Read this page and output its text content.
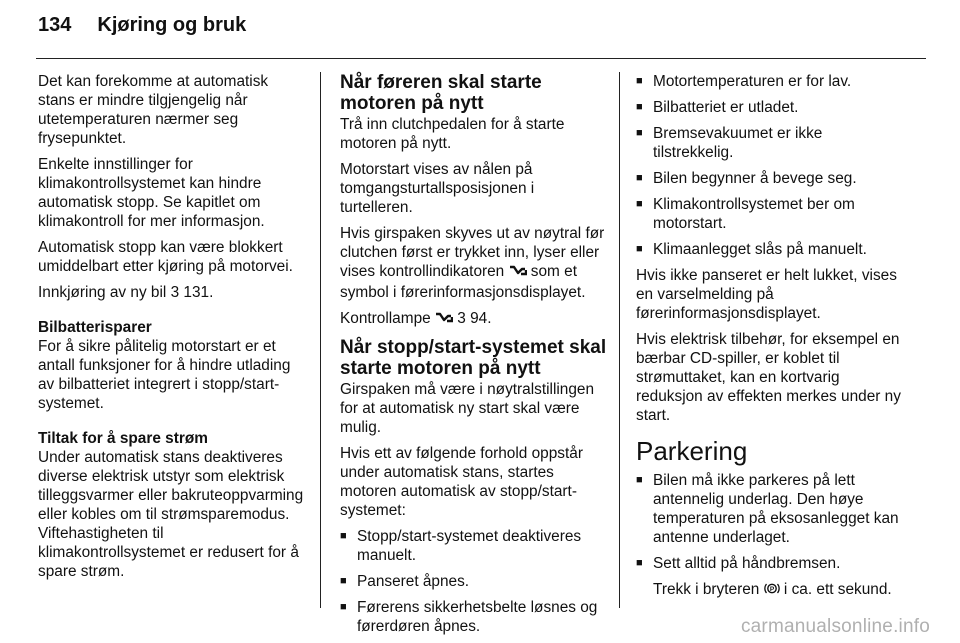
134 Kjøring og bruk

Det kan forekomme at automatisk stans er mindre tilgjengelig når utetemperaturen nærmer seg frysepunktet.

Enkelte innstillinger for klimakontrollsystemet kan hindre automatisk stopp. Se kapitlet om klimakontroll for mer informasjon.

Automatisk stopp kan være blokkert umiddelbart etter kjøring på motorvei.

Innkjøring av ny bil 3 131.

Bilbatterisparer

For å sikre pålitelig motorstart er et antall funksjoner for å hindre utlading av bilbatteriet integrert i stopp/start-systemet.

Tiltak for å spare strøm

Under automatisk stans deaktiveres diverse elektrisk utstyr som elektrisk tilleggsvarmer eller bakruteoppvarming eller kobles om til strømsparemodus. Viftehastigheten til klimakontrollsystemet er redusert for å spare strøm.

Når føreren skal starte motoren på nytt

Trå inn clutchpedalen for å starte motoren på nytt.

Motorstart vises av nålen på tomgangsturtallsposisjonen i turtelleren.

Hvis girspaken skyves ut av nøytral før clutchen først er trykket inn, lyser eller vises kontrollindikatoren  som et symbol i førerinformasjonsdisplayet.

Kontrollampe  3 94.

Når stopp/start-systemet skal starte motoren på nytt

Girspaken må være i nøytralstillingen for at automatisk ny start skal være mulig.

Hvis ett av følgende forhold oppstår under automatisk stans, startes motoren automatisk av stopp/start-systemet:

■ Stopp/start-systemet deaktiveres manuelt.
■ Panseret åpnes.
■ Førerens sikkerhetsbelte løsnes og førerdøren åpnes.
■ Motortemperaturen er for lav.
■ Bilbatteriet er utladet.
■ Bremsevakuumet er ikke tilstrekkelig.
■ Bilen begynner å bevege seg.
■ Klimakontrollsystemet ber om motorstart.
■ Klimaanlegget slås på manuelt.

Hvis ikke panseret er helt lukket, vises en varselmelding på førerinformasjonsdisplayet.

Hvis elektrisk tilbehør, for eksempel en bærbar CD-spiller, er koblet til strømuttaket, kan en kortvarig reduksjon av effekten merkes under ny start.

Parkering
■ Bilen må ikke parkeres på lett antennelig underlag. Den høye temperaturen på eksosanlegget kan antenne underlaget.
■ Sett alltid på håndbremsen.

Trekk i bryteren P i ca. ett sekund.

carmanualsonline.info
